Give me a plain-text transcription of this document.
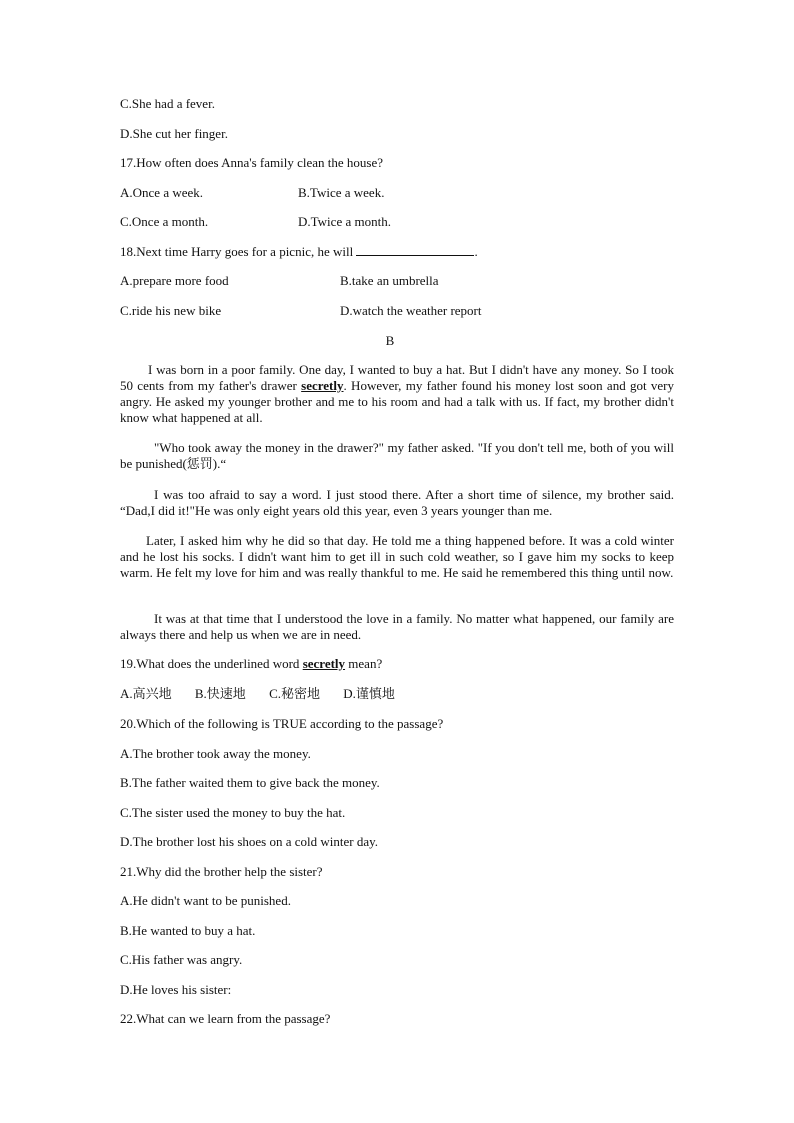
C.She had a fever.
D.She cut her finger.
17.How often does Anna's family clean the house?
A.Once a week.	B.Twice a week.
C.Once a month.	D.Twice a month.
18.Next time Harry goes for a picnic, he will	.
A.prepare more food	B.take an umbrella
C.ride his new bike	D.watch the weather report
B
I was born in a poor family. One day, I wanted to buy a hat. But I didn't have any money. So I took 50 cents from my father's drawer secretly. However, my father found his money lost soon and got very angry. He asked my younger brother and me to his room and had a talk with us. If fact, my brother didn't know what happened at all.
"Who took away the money in the drawer?" my father asked. "If you don't tell me, both of you will be punished(惩罚).“
I was too afraid to say a word. I just stood there. After a short time of silence, my brother said. “Dad,I did it!"He was only eight years old this year, even 3 years younger than me.
Later, I asked him why he did so that day. He told me a thing happened before. It was a cold winter and he lost his socks. I didn't want him to get ill in such cold weather, so I gave him my socks to keep warm. He felt my love for him and was really thankful to me. He said he remembered this thing until now.
It was at that time that I understood the love in a family. No matter what happened, our family are always there and help us when we are in need.
19.What does the underlined word secretly mean?
A.高兴地 B.快速地 C.秘密地 D.谨慎地
20.Which of the following is TRUE according to the passage?
A.The brother took away the money.
B.The father waited them to give back the money.
C.The sister used the money to buy the hat.
D.The brother lost his shoes on a cold winter day.
21.Why did the brother help the sister?
A.He didn't want to be punished.
B.He wanted to buy a hat.
C.His father was angry.
D.He loves his sister:
22.What can we learn from the passage?
